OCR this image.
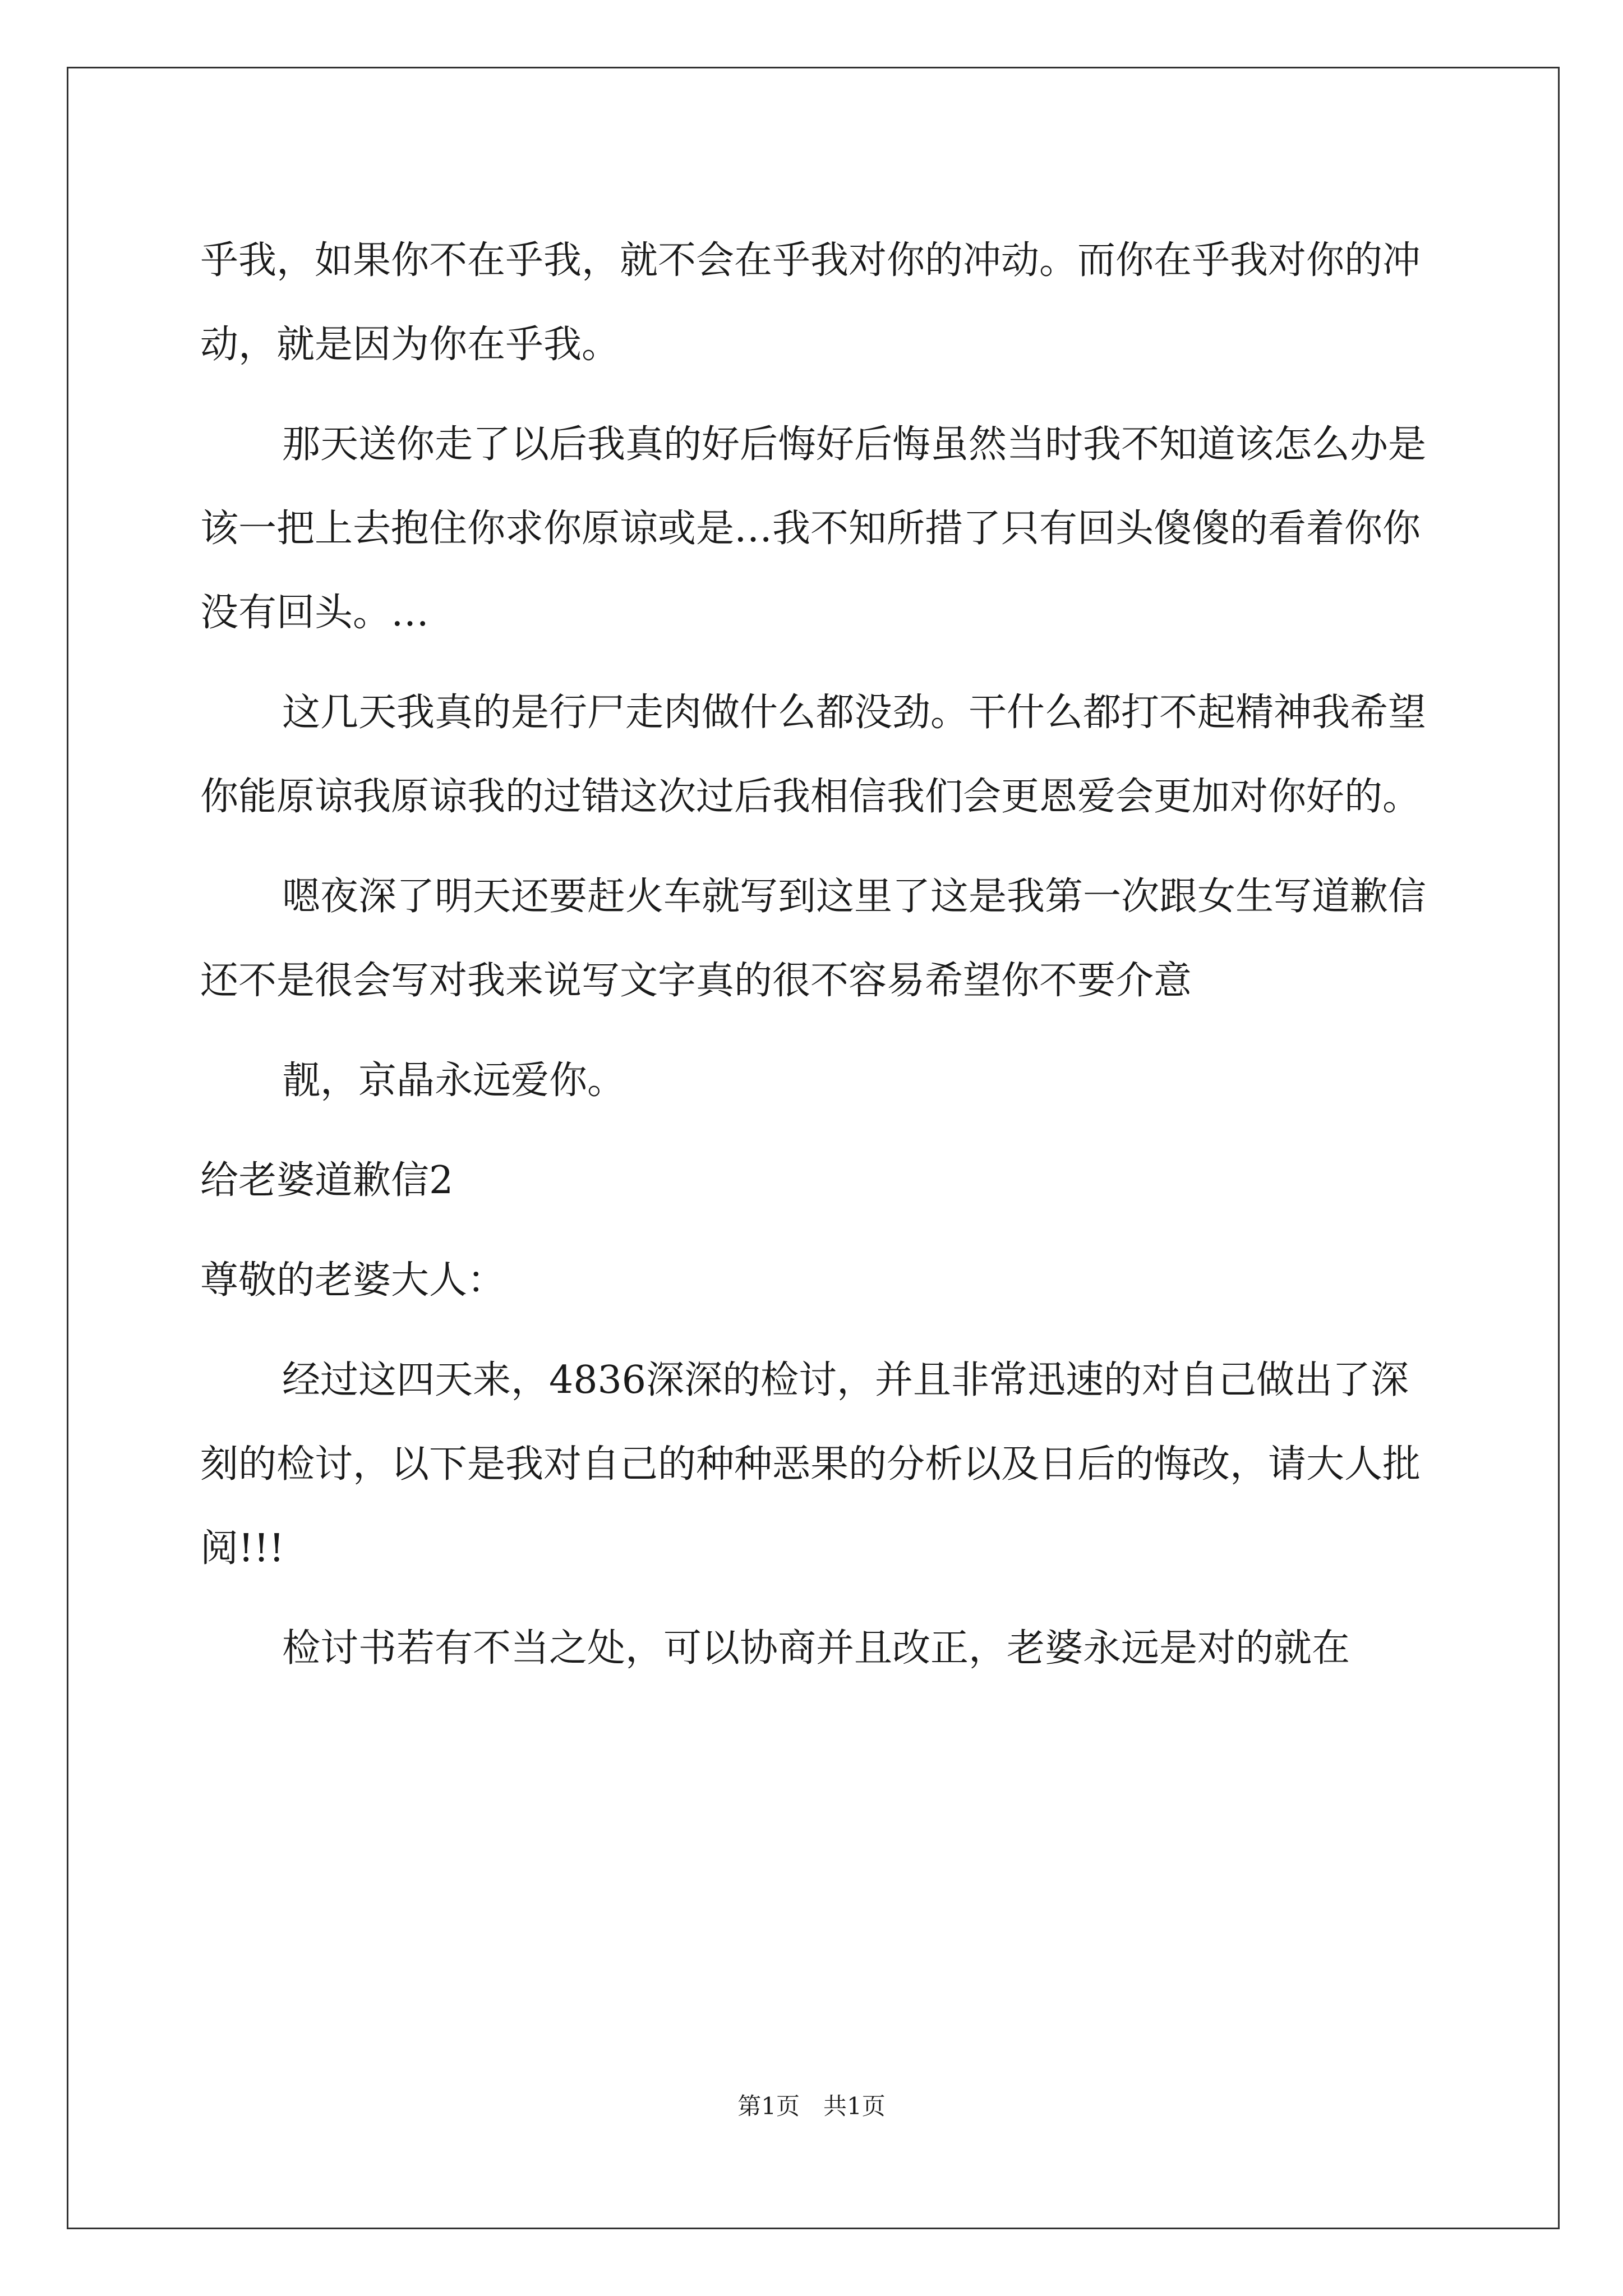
乎我，如果你不在乎我，就不会在乎我对你的冲动。而你在乎我对你的冲动，就是因为你在乎我。

那天送你走了以后我真的好后悔好后悔虽然当时我不知道该怎么办是该一把上去抱住你求你原谅或是…我不知所措了只有回头傻傻的看着你你没有回头。…

这几天我真的是行尸走肉做什么都没劲。干什么都打不起精神我希望你能原谅我原谅我的过错这次过后我相信我们会更恩爱会更加对你好的。

嗯夜深了明天还要赶火车就写到这里了这是我第一次跟女生写道歉信还不是很会写对我来说写文字真的很不容易希望你不要介意

靓，京晶永远爱你。

给老婆道歉信2

尊敬的老婆大人：

经过这四天来，4836深深的检讨，并且非常迅速的对自己做出了深刻的检讨，以下是我对自己的种种恶果的分析以及日后的悔改，请大人批阅!!!

检讨书若有不当之处，可以协商并且改正，老婆永远是对的就在

第1页　共1页
